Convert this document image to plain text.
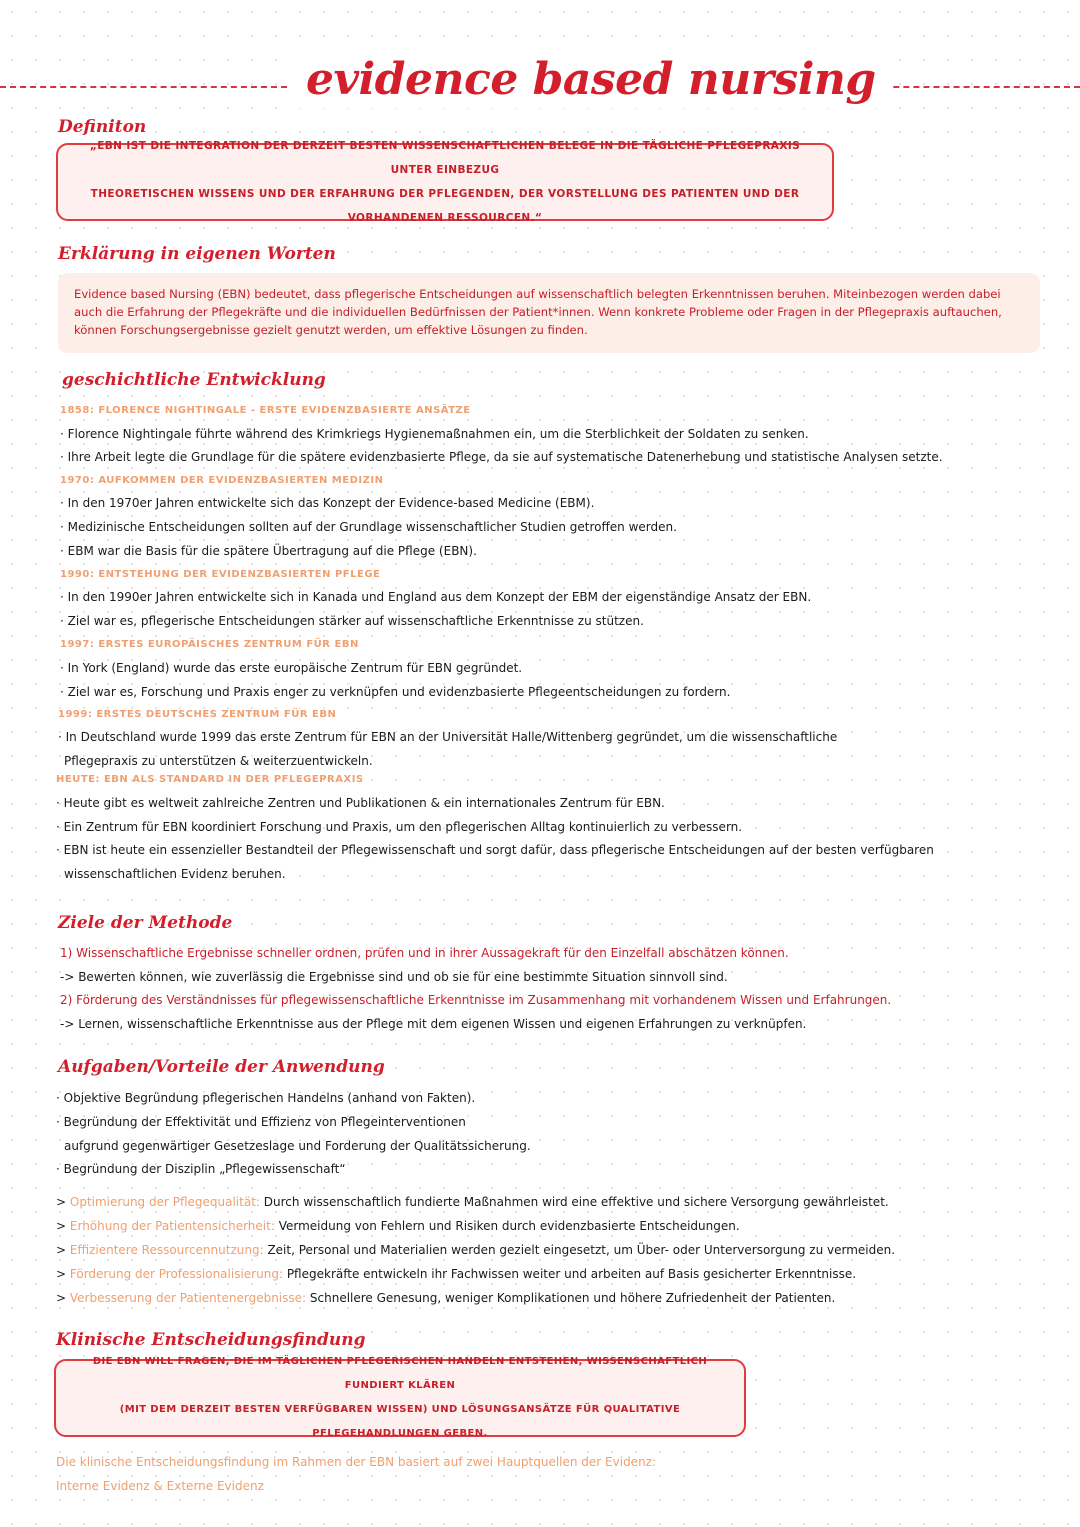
evidence based nursing
Definiton
„EBN IST DIE INTEGRATION DER DERZEIT BESTEN WISSENSCHAFTLICHEN BELEGE IN DIE TÄGLICHE PFLEGEPRAXIS UNTER EINBEZUG
THEORETISCHEN WISSENS UND DER ERFAHRUNG DER PFLEGENDEN, DER VORSTELLUNG DES PATIENTEN UND DER VORHANDENEN RESSOURCEN.“
Erklärung in eigenen Worten
Evidence based Nursing (EBN) bedeutet, dass pflegerische Entscheidungen auf wissenschaftlich belegten Erkenntnissen beruhen. Miteinbezogen werden dabei
auch die Erfahrung der Pflegekräfte und die individuellen Bedürfnissen der Patient*innen. Wenn konkrete Probleme oder Fragen in der Pflegepraxis auftauchen,
können Forschungsergebnisse gezielt genutzt werden, um effektive Lösungen zu finden.
geschichtliche Entwicklung
1858: FLORENCE NIGHTINGALE - ERSTE EVIDENZBASIERTE ANSÄTZE
· Florence Nightingale führte während des Krimkriegs Hygienemaßnahmen ein, um die Sterblichkeit der Soldaten zu senken.
· Ihre Arbeit legte die Grundlage für die spätere evidenzbasierte Pflege, da sie auf systematische Datenerhebung und statistische Analysen setzte.
1970: AUFKOMMEN DER EVIDENZBASIERTEN MEDIZIN
· In den 1970er Jahren entwickelte sich das Konzept der Evidence-based Medicine (EBM).
· Medizinische Entscheidungen sollten auf der Grundlage wissenschaftlicher Studien getroffen werden.
· EBM war die Basis für die spätere Übertragung auf die Pflege (EBN).
1990: ENTSTEHUNG DER EVIDENZBASIERTEN PFLEGE
· In den 1990er Jahren entwickelte sich in Kanada und England aus dem Konzept der EBM der eigenständige Ansatz der EBN.
· Ziel war es, pflegerische Entscheidungen stärker auf wissenschaftliche Erkenntnisse zu stützen.
1997: ERSTES EUROPÄISCHES ZENTRUM FÜR EBN
· In York (England) wurde das erste europäische Zentrum für EBN gegründet.
· Ziel war es, Forschung und Praxis enger zu verknüpfen und evidenzbasierte Pflegeentscheidungen zu fordern.
1999: ERSTES DEUTSCHES ZENTRUM FÜR EBN
· In Deutschland wurde 1999 das erste Zentrum für EBN an der Universität Halle/Wittenberg gegründet, um die wissenschaftliche
Pflegepraxis zu unterstützen & weiterzuentwickeln.
HEUTE: EBN ALS STANDARD IN DER PFLEGEPRAXIS
· Heute gibt es weltweit zahlreiche Zentren und Publikationen & ein internationales Zentrum für EBN.
· Ein Zentrum für EBN koordiniert Forschung und Praxis, um den pflegerischen Alltag kontinuierlich zu verbessern.
· EBN ist heute ein essenzieller Bestandteil der Pflegewissenschaft und sorgt dafür, dass pflegerische Entscheidungen auf der besten verfügbaren
wissenschaftlichen Evidenz beruhen.
Ziele der Methode
1) Wissenschaftliche Ergebnisse schneller ordnen, prüfen und in ihrer Aussagekraft für den Einzelfall abschätzen können.
-> Bewerten können, wie zuverlässig die Ergebnisse sind und ob sie für eine bestimmte Situation sinnvoll sind.
2) Förderung des Verständnisses für pflegewissenschaftliche Erkenntnisse im Zusammenhang mit vorhandenem Wissen und Erfahrungen.
-> Lernen, wissenschaftliche Erkenntnisse aus der Pflege mit dem eigenen Wissen und eigenen Erfahrungen zu verknüpfen.
Aufgaben/Vorteile der Anwendung
· Objektive Begründung pflegerischen Handelns (anhand von Fakten).
· Begründung der Effektivität und Effizienz von Pflegeinterventionen
aufgrund gegenwärtiger Gesetzeslage und Forderung der Qualitätssicherung.
· Begründung der Disziplin „Pflegewissenschaft“
> Optimierung der Pflegequalität: Durch wissenschaftlich fundierte Maßnahmen wird eine effektive und sichere Versorgung gewährleistet.
> Erhöhung der Patientensicherheit: Vermeidung von Fehlern und Risiken durch evidenzbasierte Entscheidungen.
> Effizientere Ressourcennutzung: Zeit, Personal und Materialien werden gezielt eingesetzt, um Über- oder Unterversorgung zu vermeiden.
> Förderung der Professionalisierung: Pflegekräfte entwickeln ihr Fachwissen weiter und arbeiten auf Basis gesicherter Erkenntnisse.
> Verbesserung der Patientenergebnisse: Schnellere Genesung, weniger Komplikationen und höhere Zufriedenheit der Patienten.
Klinische Entscheidungsfindung
DIE EBN WILL FRAGEN, DIE IM TÄGLICHEN PFLEGERISCHEN HANDELN ENTSTEHEN, WISSENSCHAFTLICH FUNDIERT KLÄREN
(MIT DEM DERZEIT BESTEN VERFÜGBAREN WISSEN) UND LÖSUNGSANSÄTZE FÜR QUALITATIVE PFLEGEHANDLUNGEN GEBEN.
Die klinische Entscheidungsfindung im Rahmen der EBN basiert auf zwei Hauptquellen der Evidenz:
Interne Evidenz & Externe Evidenz
